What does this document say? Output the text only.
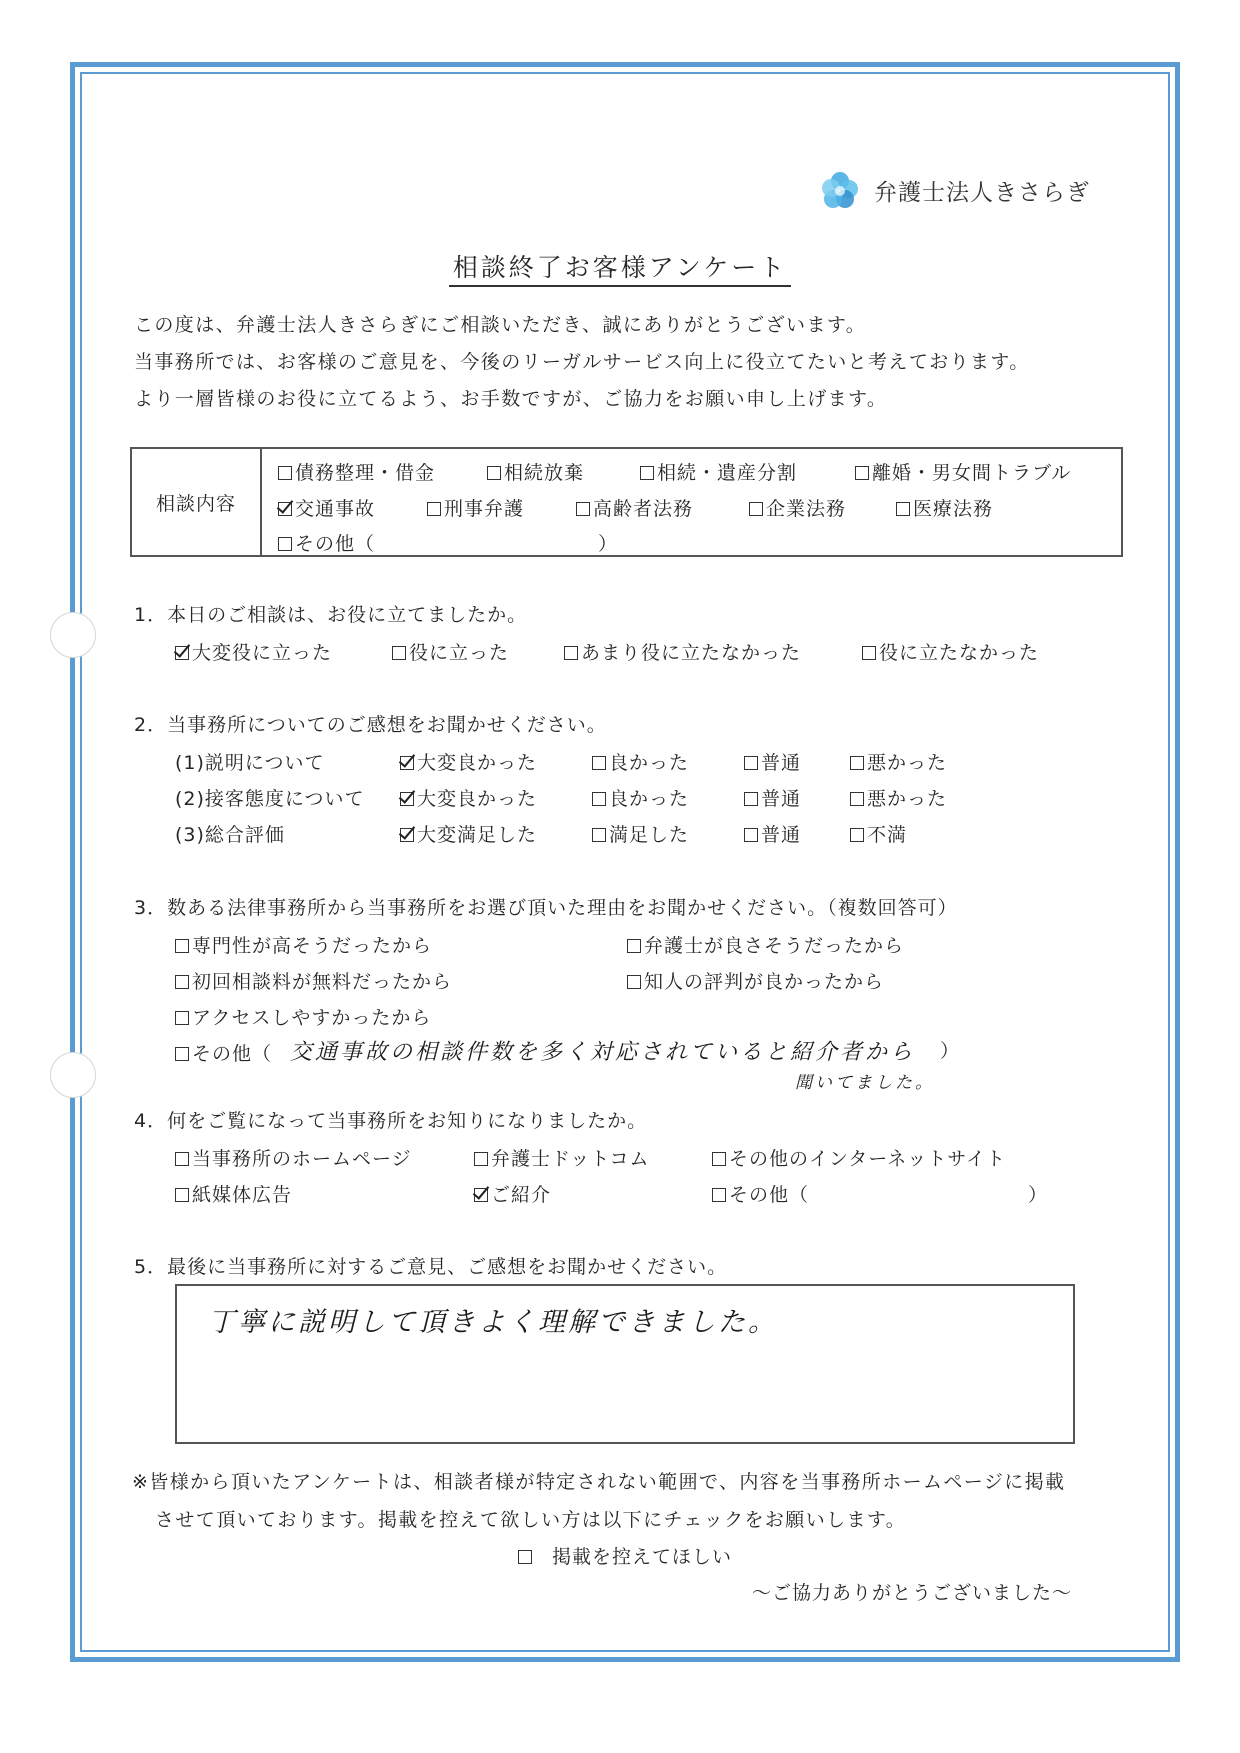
弁護士法人きさらぎ
相談終了お客様アンケート
この度は、弁護士法人きさらぎにご相談いただき、誠にありがとうございます。
当事務所では、お客様のご意見を、今後のリーガルサービス向上に役立てたいと考えております。
より一層皆様のお役に立てるよう、お手数ですが、ご協力をお願い申し上げます。
相談内容
1．本日のご相談は、お役に立てましたか。
2．当事務所についてのご感想をお聞かせください。
3．数ある法律事務所から当事務所をお選び頂いた理由をお聞かせください。（複数回答可）
交通事故の相談件数を多く対応されていると紹介者から
聞いてました。
）
4．何をご覧になって当事務所をお知りになりましたか。
）
5．最後に当事務所に対するご意見、ご感想をお聞かせください。
丁寧に説明して頂きよく理解できました。
※皆様から頂いたアンケートは、相談者様が特定されない範囲で、内容を当事務所ホームページに掲載
させて頂いております。掲載を控えて欲しい方は以下にチェックをお願いします。
掲載を控えてほしい
～ご協力ありがとうございました～
債務整理・借金	相続放棄	相続・遺産分割	離婚・男女間トラブル
交通事故	刑事弁護	高齢者法務	企業法務	医療法務
その他（	）
大変役に立った	役に立った	あまり役に立たなかった	役に立たなかった
(1)説明について	大変良かった	良かった	普通	悪かった
(2)接客態度について	大変良かった	良かった	普通	悪かった
(3)総合評価	大変満足した	満足した	普通	不満
専門性が高そうだったから	弁護士が良さそうだったから
初回相談料が無料だったから	知人の評判が良かったから
アクセスしやすかったから
その他（
当事務所のホームページ	弁護士ドットコム	その他のインターネットサイト
紙媒体広告	ご紹介	その他（
